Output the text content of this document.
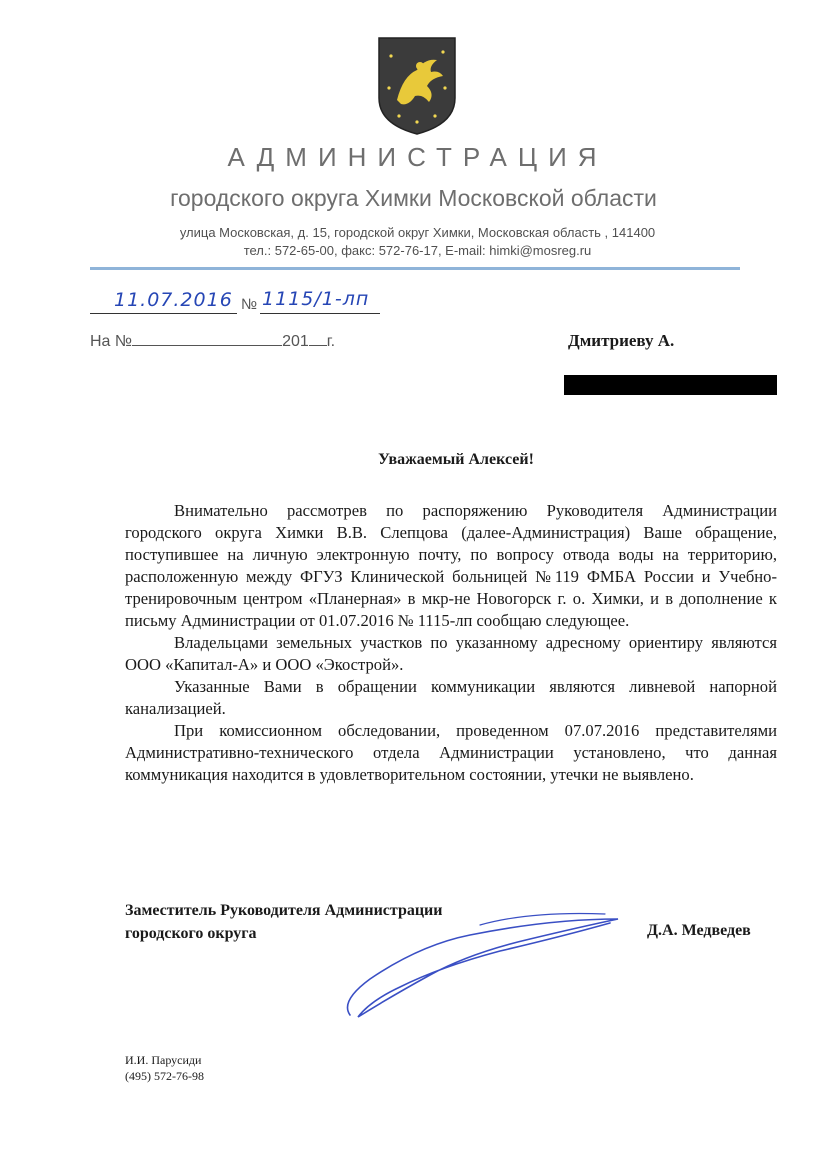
АДМИНИСТРАЦИЯ
городского округа Химки Московской области
улица Московская, д. 15, городской округ Химки, Московская область , 141400
тел.: 572-65-00, факс: 572-76-17, E-mail: himki@mosreg.ru
11.07.2016 № 1115/1-лп
На №	201 г.	Дмитриеву А.
Уважаемый Алексей!

Внимательно рассмотрев по распоряжению Руководителя Администрации городского округа Химки В.В. Слепцова (далее-Администрация) Ваше обращение, поступившее на личную электронную почту, по вопросу отвода воды на территорию, расположенную между ФГУЗ Клинической больницей №119 ФМБА России и Учебно-тренировочным центром «Планерная» в мкр-не Новогорск г. о. Химки, и в дополнение к письму Администрации от 01.07.2016 № 1115-лп сообщаю следующее.

Владельцами земельных участков по указанному адресному ориентиру являются ООО «Капитал-А» и ООО «Экострой».

Указанные Вами в обращении коммуникации являются ливневой напорной канализацией.

При комиссионном обследовании, проведенном 07.07.2016 представителями Административно-технического отдела Администрации установлено, что данная коммуникация находится в удовлетворительном состоянии, утечки не выявлено.

Заместитель Руководителя Администрации
городского округа	Д.А. Медведев
И.И. Парусиди
(495) 572-76-98
